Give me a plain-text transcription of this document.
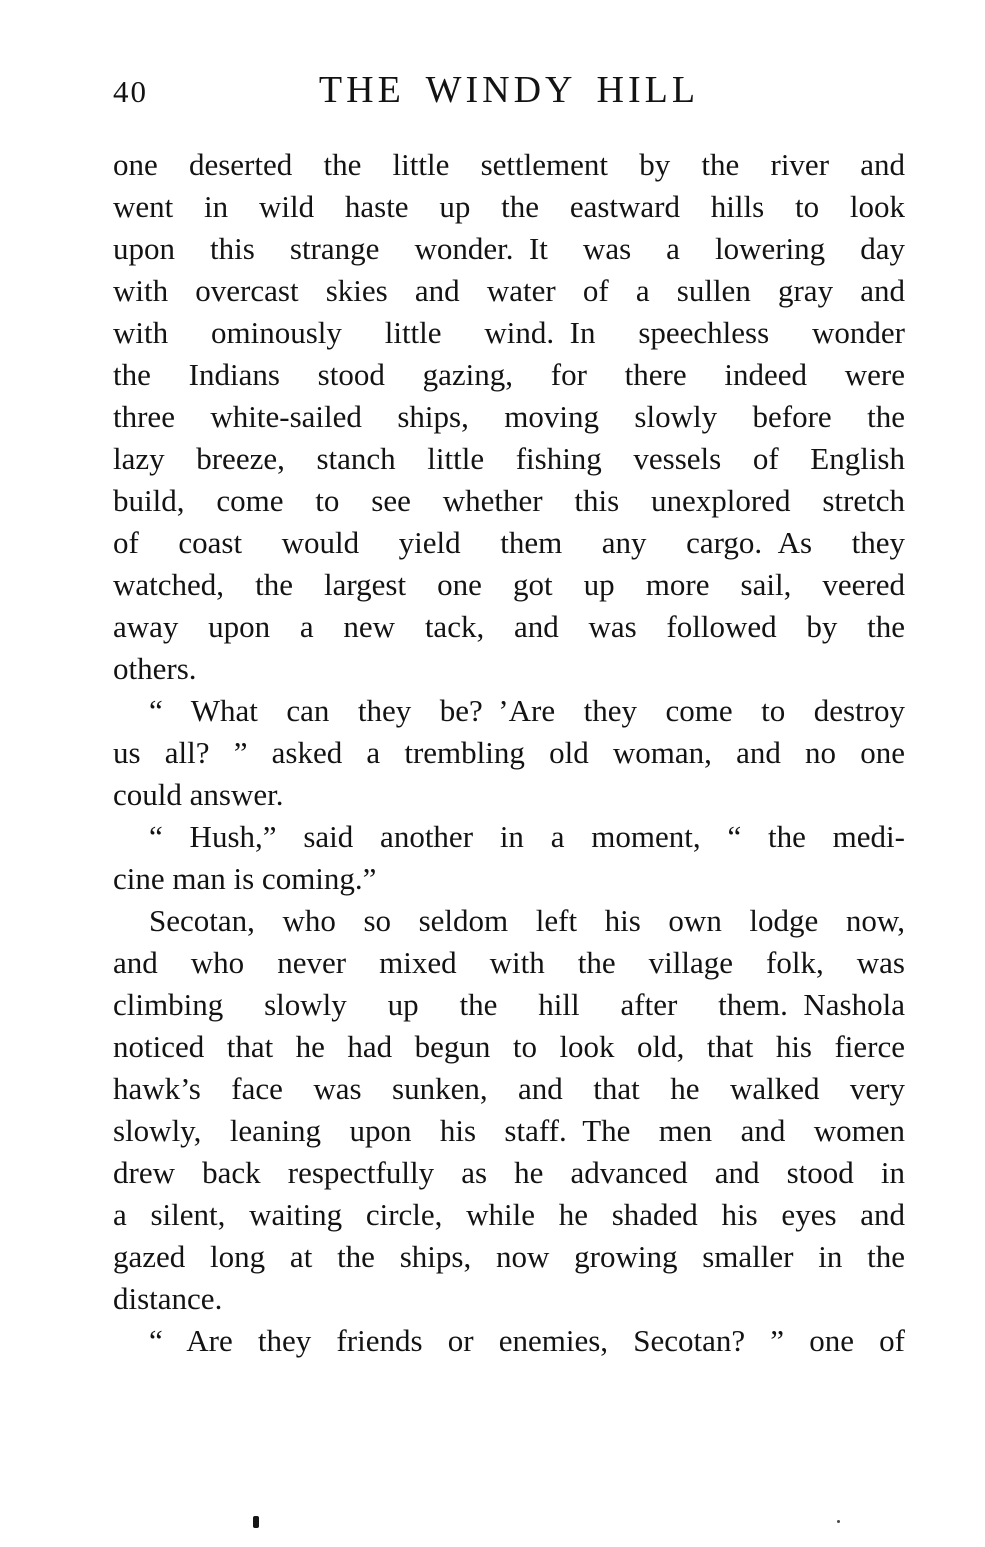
40	THE WINDY HILL
one deserted the little settlement by the river and
went in wild haste up the eastward hills to look
upon this strange wonder. It was a lowering day
with overcast skies and water of a sullen gray and
with ominously little wind. In speechless wonder
the Indians stood gazing, for there indeed were
three white-sailed ships, moving slowly before the
lazy breeze, stanch little fishing vessels of English
build, come to see whether this unexplored stretch
of coast would yield them any cargo. As they
watched, the largest one got up more sail, veered
away upon a new tack, and was followed by the
others.
“ What can they be? ’Are they come to destroy
us all? ” asked a trembling old woman, and no one
could answer.
“ Hush,” said another in a moment, “ the medi-
cine man is coming.”
Secotan, who so seldom left his own lodge now,
and who never mixed with the village folk, was
climbing slowly up the hill after them. Nashola
noticed that he had begun to look old, that his fierce
hawk’s face was sunken, and that he walked very
slowly, leaning upon his staff. The men and women
drew back respectfully as he advanced and stood in
a silent, waiting circle, while he shaded his eyes and
gazed long at the ships, now growing smaller in the
distance.
“ Are they friends or enemies, Secotan? ” one of
